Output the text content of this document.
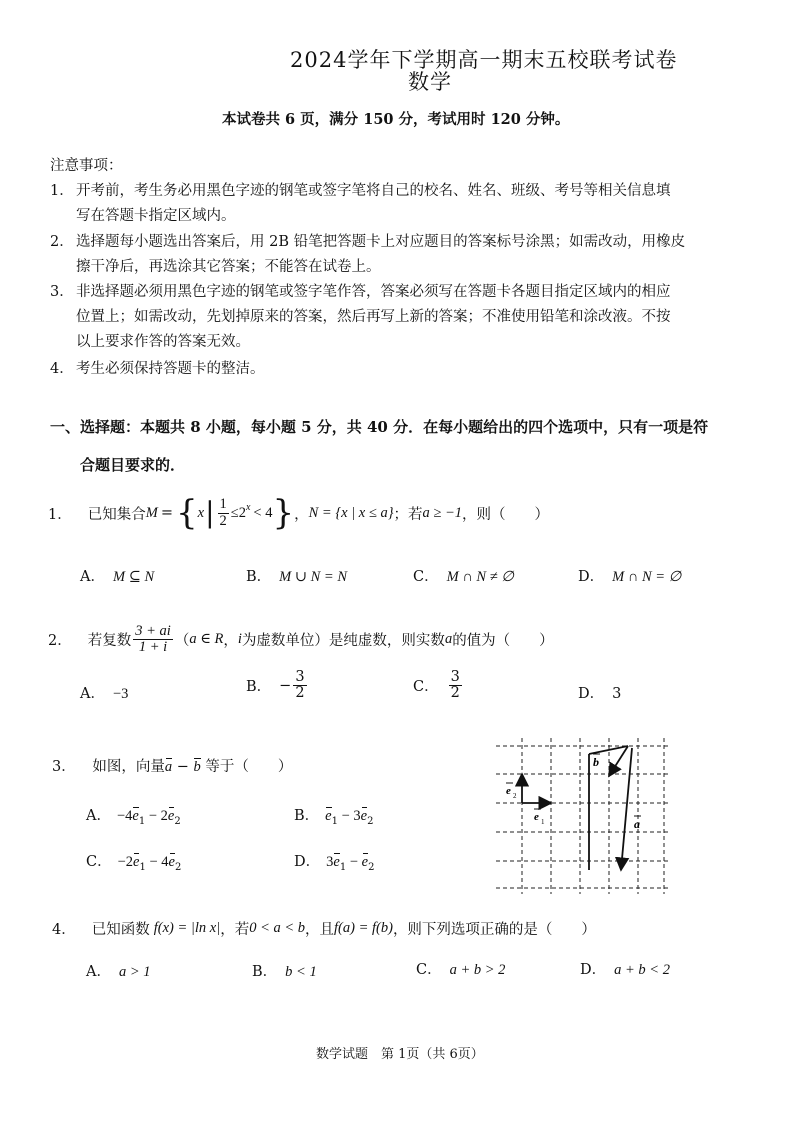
2024学年下学期高一期末五校联考试卷
数学
本试卷共 6 页，满分 150 分，考试用时 120 分钟。
注意事项：
1． 开考前，考生务必用黑色字迹的钢笔或签字笔将自己的校名、姓名、班级、考号等相关信息填
写在答题卡指定区域内。
2． 选择题每小题选出答案后，用 2B 铅笔把答题卡上对应题目的答案标号涂黑；如需改动，用橡皮
擦干净后，再选涂其它答案；不能答在试卷上。
3． 非选择题必须用黑色字迹的钢笔或签字笔作答，答案必须写在答题卡各题目指定区域内的相应
位置上；如需改动，先划掉原来的答案，然后再写上新的答案；不准使用铅笔和涂改液。不按
以上要求作答的答案无效。
4． 考生必须保持答题卡的整洁。
一、选择题：本题共 8 小题，每小题 5 分，共 40 分．在每小题给出的四个选项中，只有一项是符
合题目要求的．
1． 已知集合 M = { x | $\frac{1}{2} \le 2^x < 4$ } ， N = {x | x ≤ a} ；若 a ≥ −1 ，则（　　）
A． M ⊆ N	B． M ∪ N = N	C． M ∩ N ≠ ∅	D． M ∩ N = ∅
2． 若复数 $\frac{3 + ai}{1 + i}$ （ a ∈ R ， i 为虚数单位）是纯虚数，则实数 a 的值为（　　）
A． −3	B． − $\frac{3}{2}$	C． $\frac{3}{2}$	D． 3
3． 如图，向量a − b 等于（　　）
A． $-4e_1 - 2e_2$	B． $e_1 - 3e_2$
C． $-2e_1 - 4e_2$	D． $3e_1 - e_2$
e 2
e 1
b
a
4． 已知函数 f(x) = |ln x| ，若 0 < a < b ，且 f(a) = f(b) ，则下列选项正确的是（　　）
A． a > 1	B． b < 1	C． a + b > 2	D． a + b < 2
数学试题　第 1页（共 6页）
